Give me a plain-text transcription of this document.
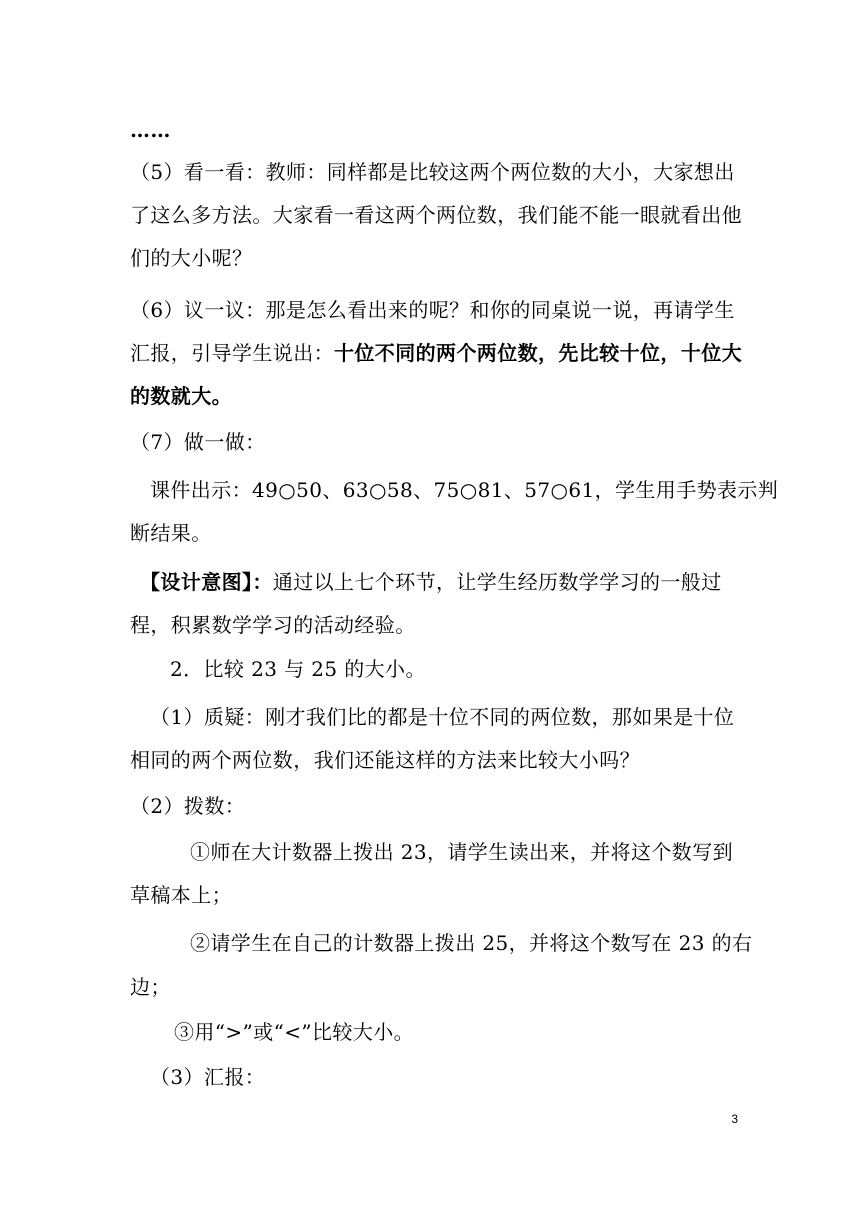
……
（5）看一看：教师：同样都是比较这两个两位数的大小，大家想出
了这么多方法。大家看一看这两个两位数，我们能不能一眼就看出他
们的大小呢？
（6）议一议：那是怎么看出来的呢？和你的同桌说一说，再请学生
汇报，引导学生说出：十位不同的两个两位数，先比较十位，十位大
的数就大。
（7）做一做：
课件出示：49○50、63○58、75○81、57○61，学生用手势表示判
断结果。
【设计意图】：通过以上七个环节，让学生经历数学学习的一般过
程，积累数学学习的活动经验。
2．比较 23 与 25 的大小。
（1）质疑：刚才我们比的都是十位不同的两位数，那如果是十位
相同的两个两位数，我们还能这样的方法来比较大小吗？
（2）拨数：
①师在大计数器上拨出 23，请学生读出来，并将这个数写到
草稿本上；
②请学生在自己的计数器上拨出 25，并将这个数写在 23 的右
边；
③用“>”或“<”比较大小。
（3）汇报：
3
